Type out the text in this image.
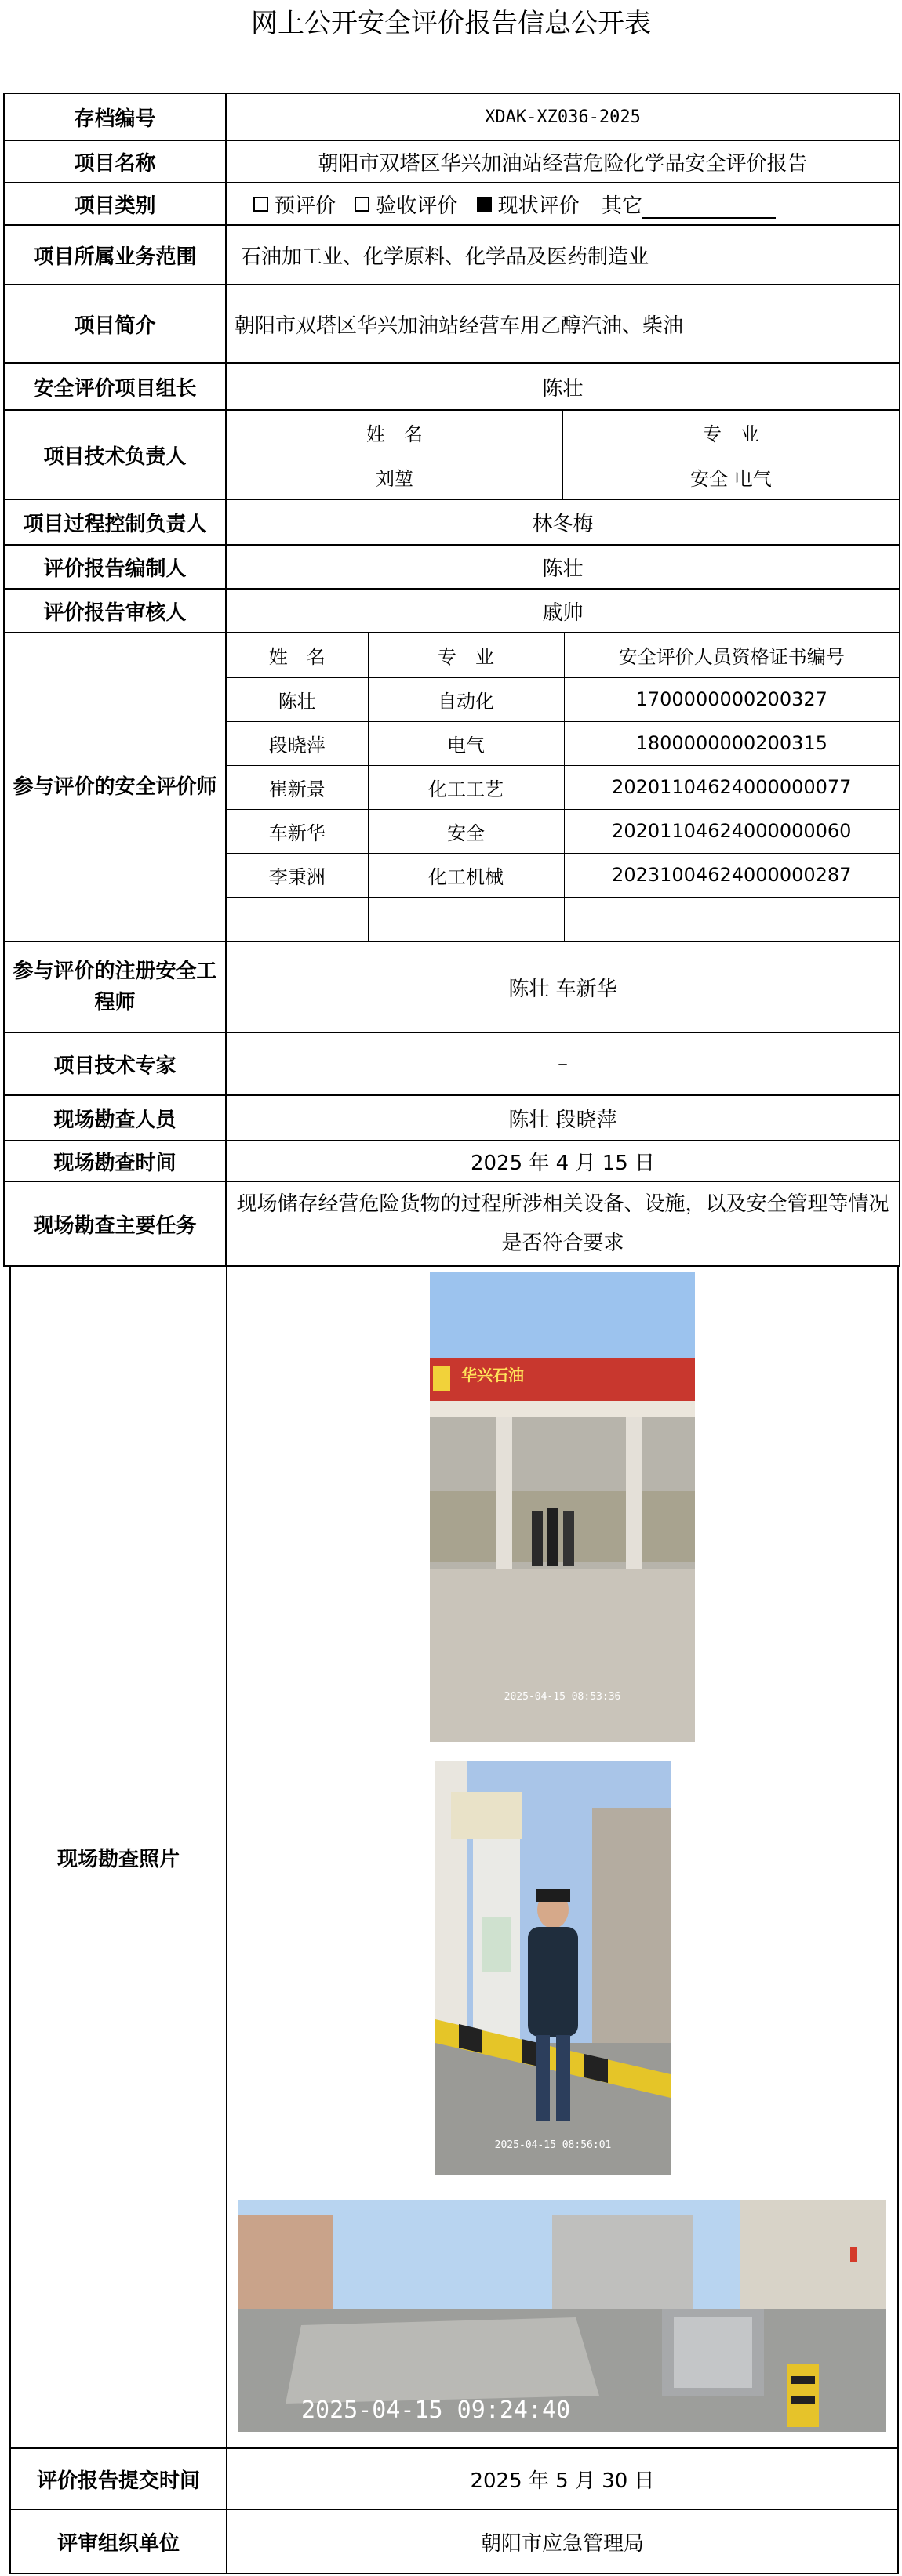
网上公开安全评价报告信息公开表
存档编号	XDAK-XZ036-2025
项目名称	朝阳市双塔区华兴加油站经营危险化学品安全评价报告
项目类别	预评价 验收评价 现状评价 其它
项目所属业务范围	石油加工业、化学原料、化学品及医药制造业
项目简介	朝阳市双塔区华兴加油站经营车用乙醇汽油、柴油
安全评价项目组长	陈壮
项目技术负责人	
姓　名	专　业
刘堃	安全 电气

项目过程控制负责人	林冬梅
评价报告编制人	陈壮
评价报告审核人	戚帅
参与评价的安全评价师	
姓　名	专　业	安全评价人员资格证书编号
陈壮	自动化	1700000000200327
段晓萍	电气	1800000000200315
崔新景	化工工艺	20201104624000000077
车新华	安全	20201104624000000060
李秉洲	化工机械	20231004624000000287

参与评价的注册安全工程师	陈壮 车新华
项目技术专家	–
现场勘查人员	陈壮 段晓萍
现场勘查时间	2025 年 4 月 15 日
现场勘查主要任务	现场储存经营危险货物的过程所涉相关设备、设施，以及安全管理等情况是否符合要求
现场勘查照片	华兴石油
2025-04-15 08:53:36
2025-04-15 08:56:01
2025-04-15 09:24:40

评价报告提交时间	2025 年 5 月 30 日
评审组织单位	朝阳市应急管理局
